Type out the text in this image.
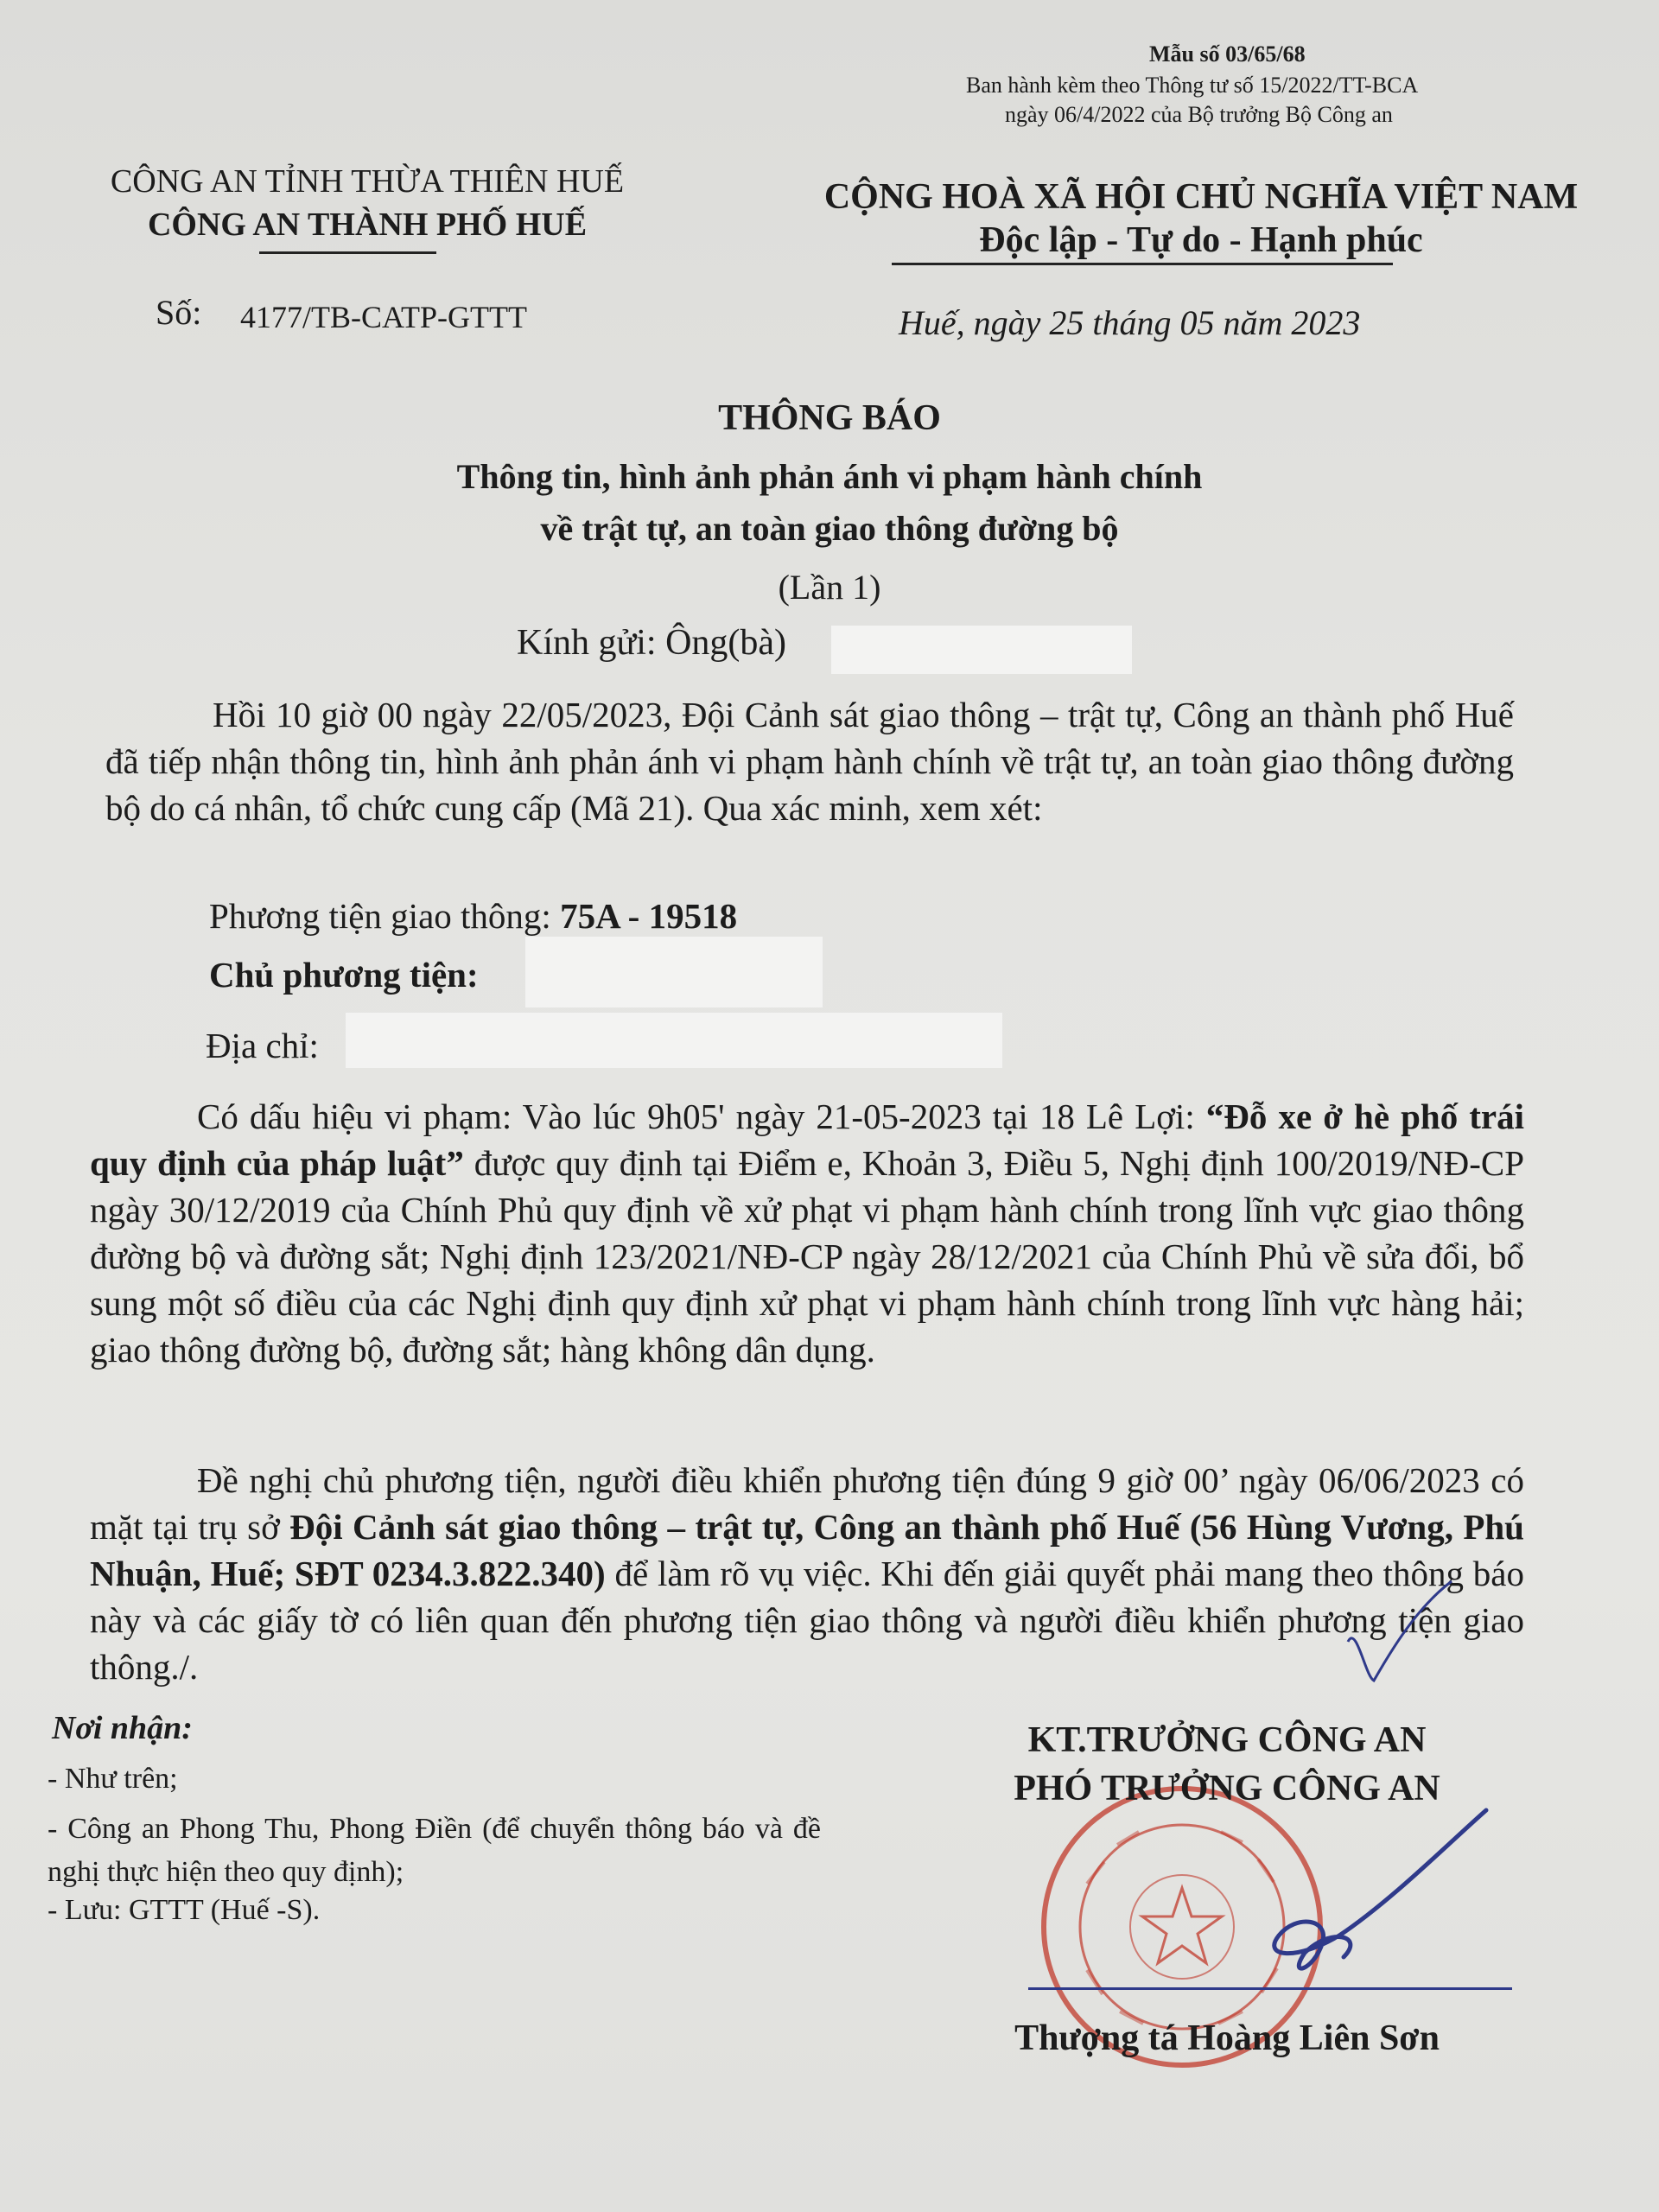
Mẫu số 03/65/68
Ban hành kèm theo Thông tư số 15/2022/TT-BCA
ngày 06/4/2022 của Bộ trưởng Bộ Công an
CÔNG AN TỈNH THỪA THIÊN HUẾ
CÔNG AN THÀNH PHỐ HUẾ
CỘNG HOÀ XÃ HỘI CHỦ NGHĨA VIỆT NAM
Độc lập - Tự do - Hạnh phúc
Số: 4177/TB-CATP-GTTT	Huế, ngày 25 tháng 05 năm 2023
THÔNG BÁO
Thông tin, hình ảnh phản ánh vi phạm hành chính
về trật tự, an toàn giao thông đường bộ
(Lần 1)
Kính gửi: Ông(bà)

Hồi 10 giờ 00 ngày 22/05/2023, Đội Cảnh sát giao thông – trật tự, Công an thành phố Huế đã tiếp nhận thông tin, hình ảnh phản ánh vi phạm hành chính về trật tự, an toàn giao thông đường bộ do cá nhân, tổ chức cung cấp (Mã 21). Qua xác minh, xem xét:

Phương tiện giao thông: 75A - 19518
Chủ phương tiện:
Địa chỉ:

Có dấu hiệu vi phạm: Vào lúc 9h05' ngày 21-05-2023 tại 18 Lê Lợi: “Đỗ xe ở hè phố trái quy định của pháp luật” được quy định tại Điểm e, Khoản 3, Điều 5, Nghị định 100/2019/NĐ-CP ngày 30/12/2019 của Chính Phủ quy định về xử phạt vi phạm hành chính trong lĩnh vực giao thông đường bộ và đường sắt; Nghị định 123/2021/NĐ-CP ngày 28/12/2021 của Chính Phủ về sửa đổi, bổ sung một số điều của các Nghị định quy định xử phạt vi phạm hành chính trong lĩnh vực hàng hải; giao thông đường bộ, đường sắt; hàng không dân dụng.

Đề nghị chủ phương tiện, người điều khiển phương tiện đúng 9 giờ 00’ ngày 06/06/2023 có mặt tại trụ sở Đội Cảnh sát giao thông – trật tự, Công an thành phố Huế (56 Hùng Vương, Phú Nhuận, Huế; SĐT 0234.3.822.340) để làm rõ vụ việc. Khi đến giải quyết phải mang theo thông báo này và các giấy tờ có liên quan đến phương tiện giao thông và người điều khiển phương tiện giao thông./.

Nơi nhận:
- Như trên;
- Công an Phong Thu, Phong Điền (để chuyển thông báo và đề nghị thực hiện theo quy định);
- Lưu: GTTT (Huế -S).
KT.TRƯỞNG CÔNG AN
PHÓ TRƯỞNG CÔNG AN
Thượng tá Hoàng Liên Sơn
